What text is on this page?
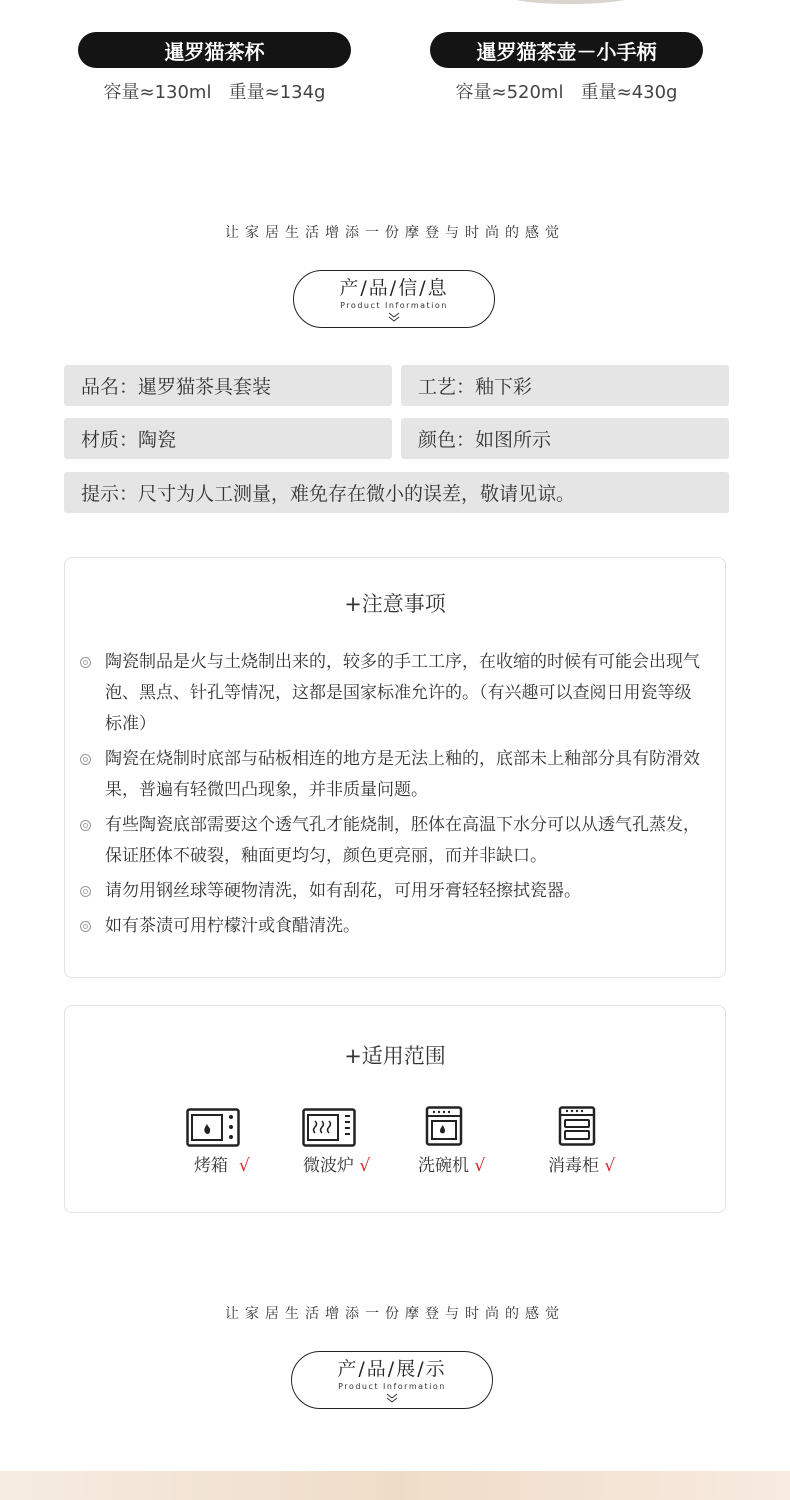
暹罗猫茶杯
容量≈130ml   重量≈134g
暹罗猫茶壶－小手柄
容量≈520ml   重量≈430g
让家居生活增添一份摩登与时尚的感觉
产/品/信/息
Product Information
品名：暹罗猫茶具套装	工艺：釉下彩
材质：陶瓷	颜色：如图所示
提示：尺寸为人工测量，难免存在微小的误差，敬请见谅。
+注意事项
陶瓷制品是火与土烧制出来的，较多的手工工序，在收缩的时候有可能会出现气泡、黑点、针孔等情况，这都是国家标准允许的。（有兴趣可以查阅日用瓷等级标准）
陶瓷在烧制时底部与砧板相连的地方是无法上釉的，底部未上釉部分具有防滑效果，普遍有轻微凹凸现象，并非质量问题。
有些陶瓷底部需要这个透气孔才能烧制，胚体在高温下水分可以从透气孔蒸发，保证胚体不破裂，釉面更均匀，颜色更亮丽，而并非缺口。
请勿用钢丝球等硬物清洗，如有刮花，可用牙膏轻轻擦拭瓷器。
如有茶渍可用柠檬汁或食醋清洗。
+适用范围
烤箱 √	微波炉 √	洗碗机 √	消毒柜 √
让家居生活增添一份摩登与时尚的感觉
产/品/展/示
Product Information
